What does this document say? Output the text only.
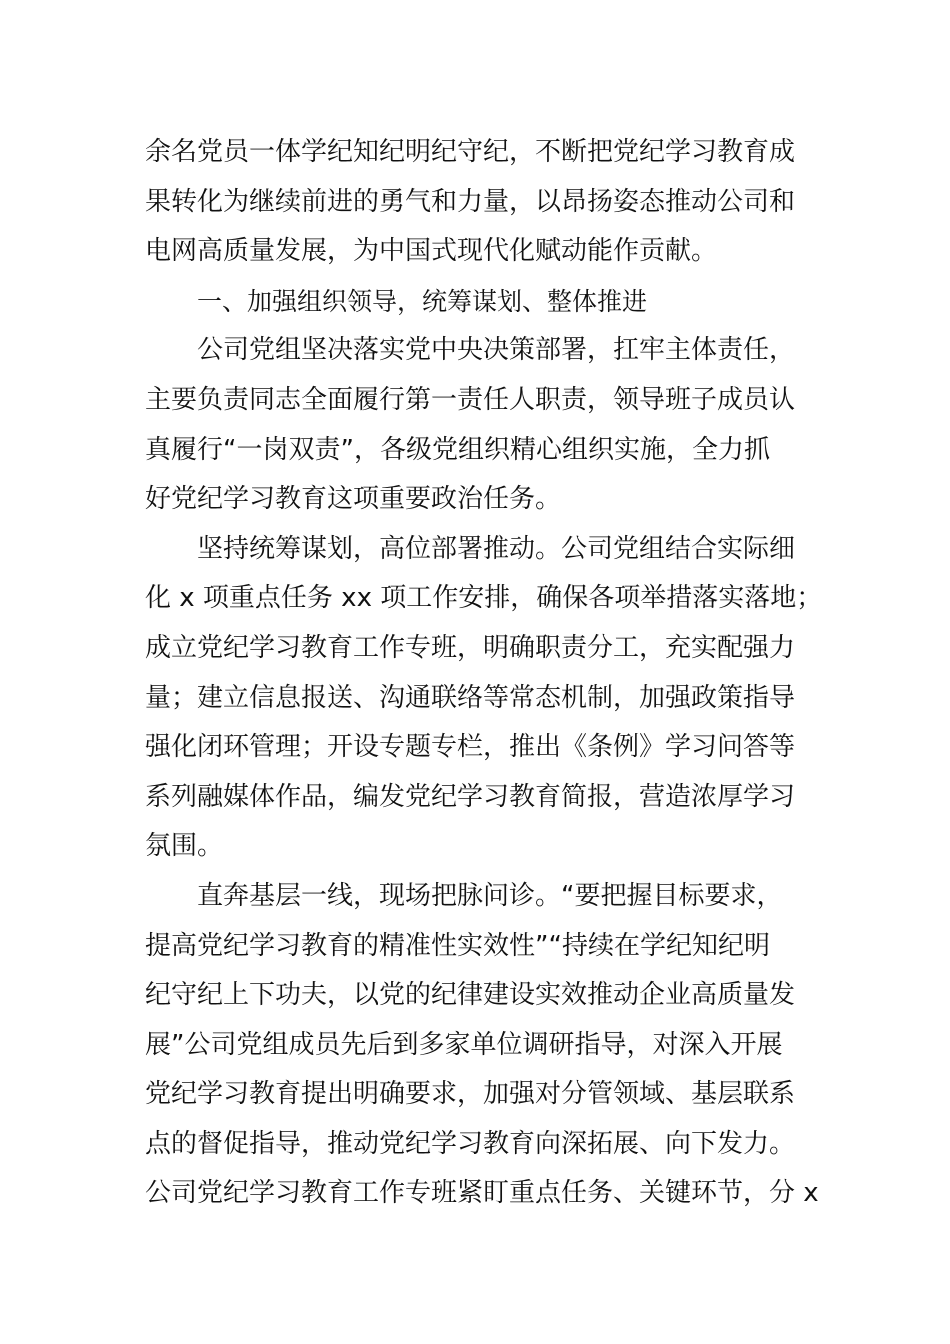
余名党员一体学纪知纪明纪守纪，不断把党纪学习教育成
果转化为继续前进的勇气和力量，以昂扬姿态推动公司和
电网高质量发展，为中国式现代化赋动能作贡献。
一、加强组织领导，统筹谋划、整体推进
公司党组坚决落实党中央决策部署，扛牢主体责任，
主要负责同志全面履行第一责任人职责，领导班子成员认
真履行“一岗双责”，各级党组织精心组织实施，全力抓
好党纪学习教育这项重要政治任务。
坚持统筹谋划，高位部署推动。公司党组结合实际细
化 x 项重点任务 xx 项工作安排，确保各项举措落实落地；
成立党纪学习教育工作专班，明确职责分工，充实配强力
量；建立信息报送、沟通联络等常态机制，加强政策指导
强化闭环管理；开设专题专栏，推出《条例》学习问答等
系列融媒体作品，编发党纪学习教育简报，营造浓厚学习
氛围。
直奔基层一线，现场把脉问诊。“要把握目标要求，
提高党纪学习教育的精准性实效性”“持续在学纪知纪明
纪守纪上下功夫，以党的纪律建设实效推动企业高质量发
展”公司党组成员先后到多家单位调研指导，对深入开展
党纪学习教育提出明确要求，加强对分管领域、基层联系
点的督促指导，推动党纪学习教育向深拓展、向下发力。
公司党纪学习教育工作专班紧盯重点任务、关键环节，分 x
